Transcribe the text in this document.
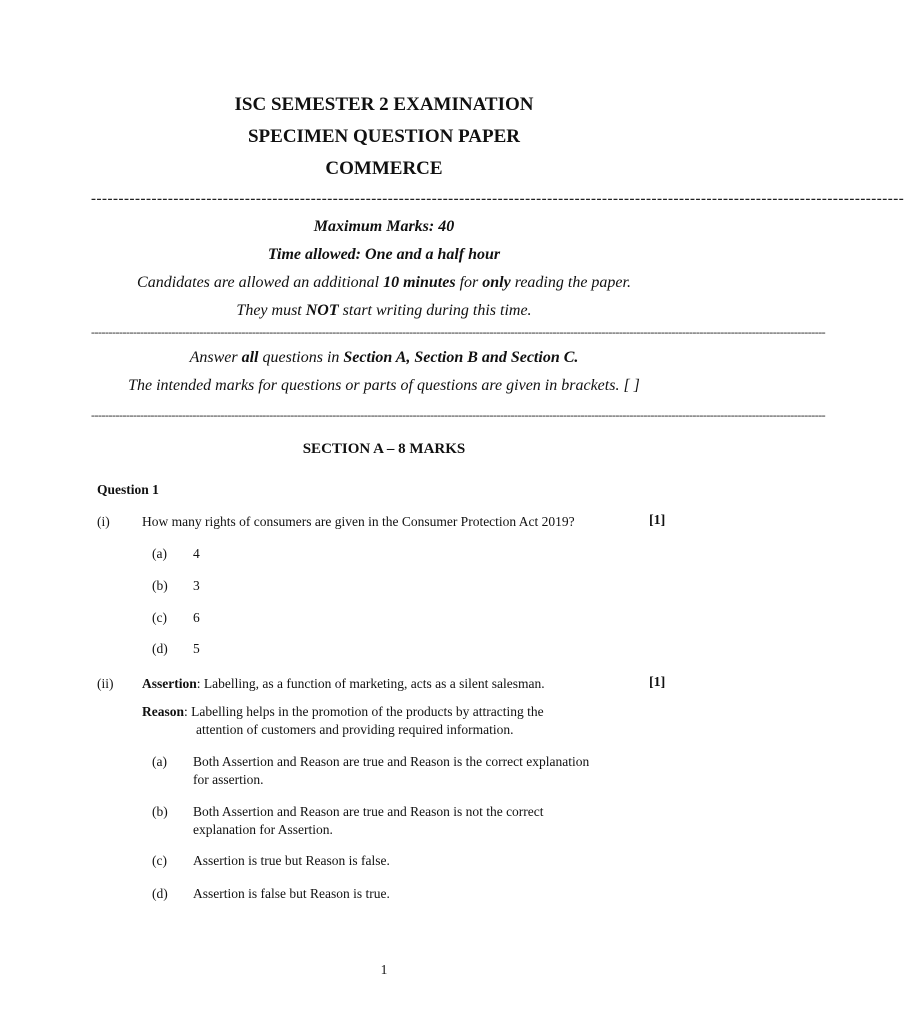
ISC SEMESTER 2 EXAMINATION
SPECIMEN QUESTION PAPER
COMMERCE
----------------------------------------------------------------------------------------------------------------------------------------------------
Maximum Marks: 40
Time allowed: One and a half hour
Candidates are allowed an additional 10 minutes for only reading the paper.
They must NOT start writing during this time.
------------------------------------------------------------------------------------------------------------------------------------------------------------------------------------------------------------------
Answer all questions in Section A, Section B and Section C.
The intended marks for questions or parts of questions are given in brackets. [ ]
------------------------------------------------------------------------------------------------------------------------------------------------------------------------------------------------------------------
SECTION A – 8 MARKS
Question 1
(i) How many rights of consumers are given in the Consumer Protection Act 2019?	[1]
(a) 4
(b) 3
(c) 6
(d) 5
(ii) Assertion: Labelling, as a function of marketing, acts as a silent salesman.	[1]
Reason: Labelling helps in the promotion of the products by attracting the
attention of customers and providing required information.
(a) Both Assertion and Reason are true and Reason is the correct explanation
for assertion.
(b) Both Assertion and Reason are true and Reason is not the correct
explanation for Assertion.
(c) Assertion is true but Reason is false.
(d) Assertion is false but Reason is true.
1
